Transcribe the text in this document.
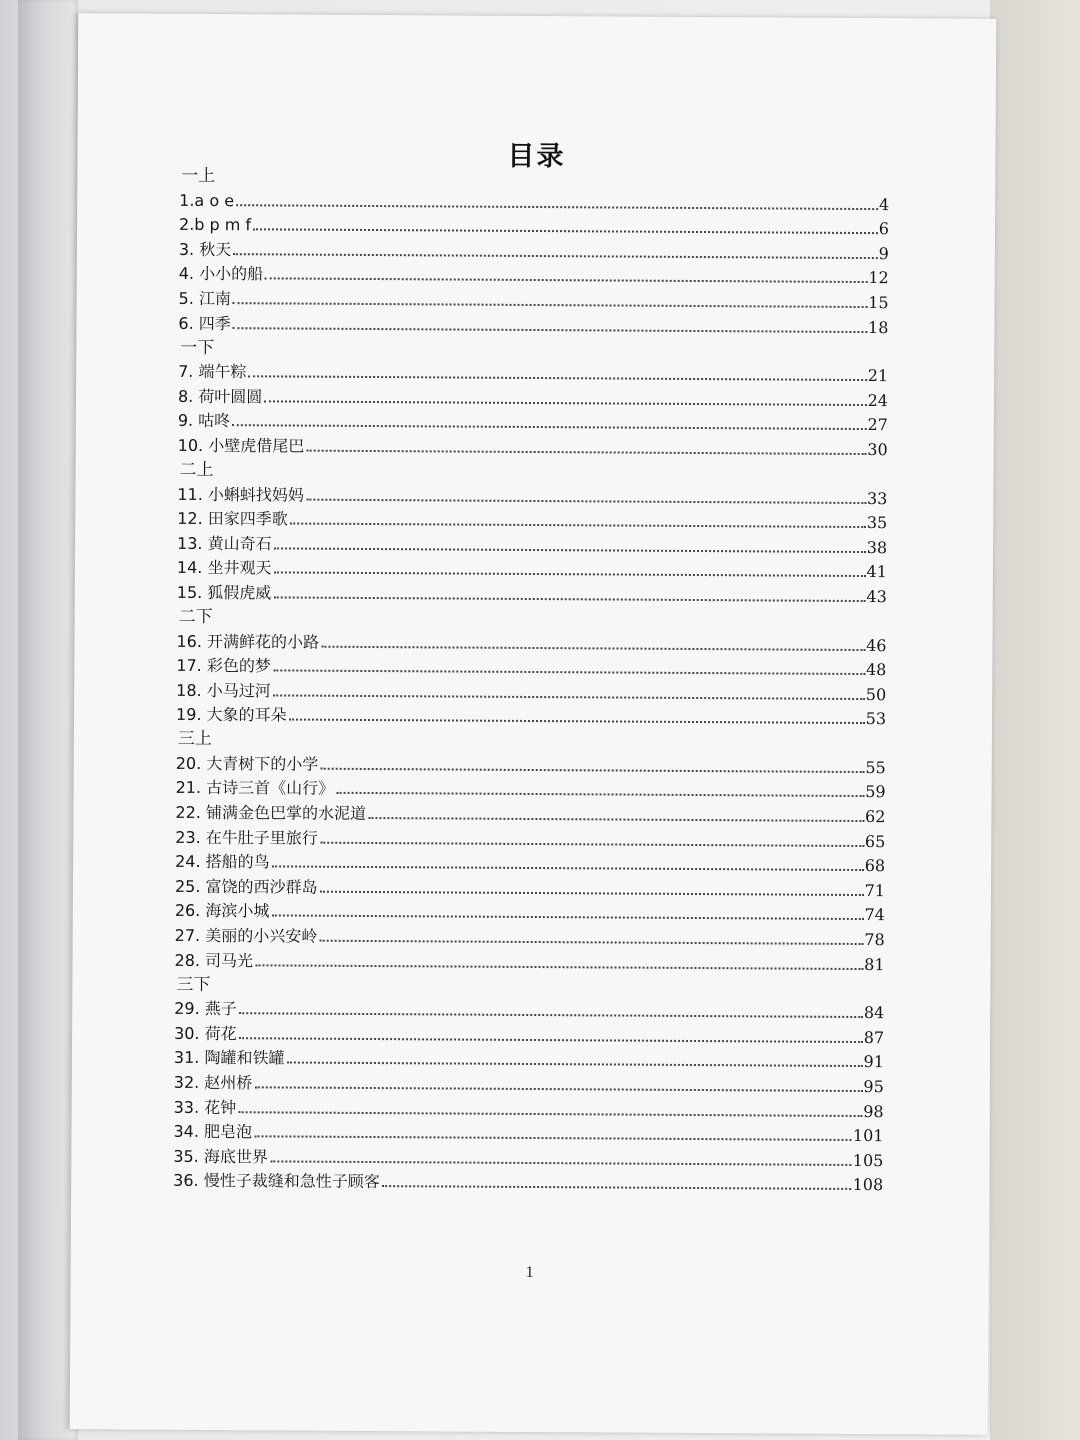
目录
一上
1.a o e	4
2.b p m f	6
3. 秋天	9
4. 小小的船	12
5. 江南	15
6. 四季	18
一下
7. 端午粽	21
8. 荷叶圆圆	24
9. 咕咚	27
10. 小壁虎借尾巴	30
二上
11. 小蝌蚪找妈妈	33
12. 田家四季歌	35
13. 黄山奇石	38
14. 坐井观天	41
15. 狐假虎威	43
二下
16. 开满鲜花的小路	46
17. 彩色的梦	48
18. 小马过河	50
19. 大象的耳朵	53
三上
20. 大青树下的小学	55
21. 古诗三首《山行》	59
22. 铺满金色巴掌的水泥道	62
23. 在牛肚子里旅行	65
24. 搭船的鸟	68
25. 富饶的西沙群岛	71
26. 海滨小城	74
27. 美丽的小兴安岭	78
28. 司马光	81
三下
29. 燕子	84
30. 荷花	87
31. 陶罐和铁罐	91
32. 赵州桥	95
33. 花钟	98
34. 肥皂泡	101
35. 海底世界	105
36. 慢性子裁缝和急性子顾客	108
1
